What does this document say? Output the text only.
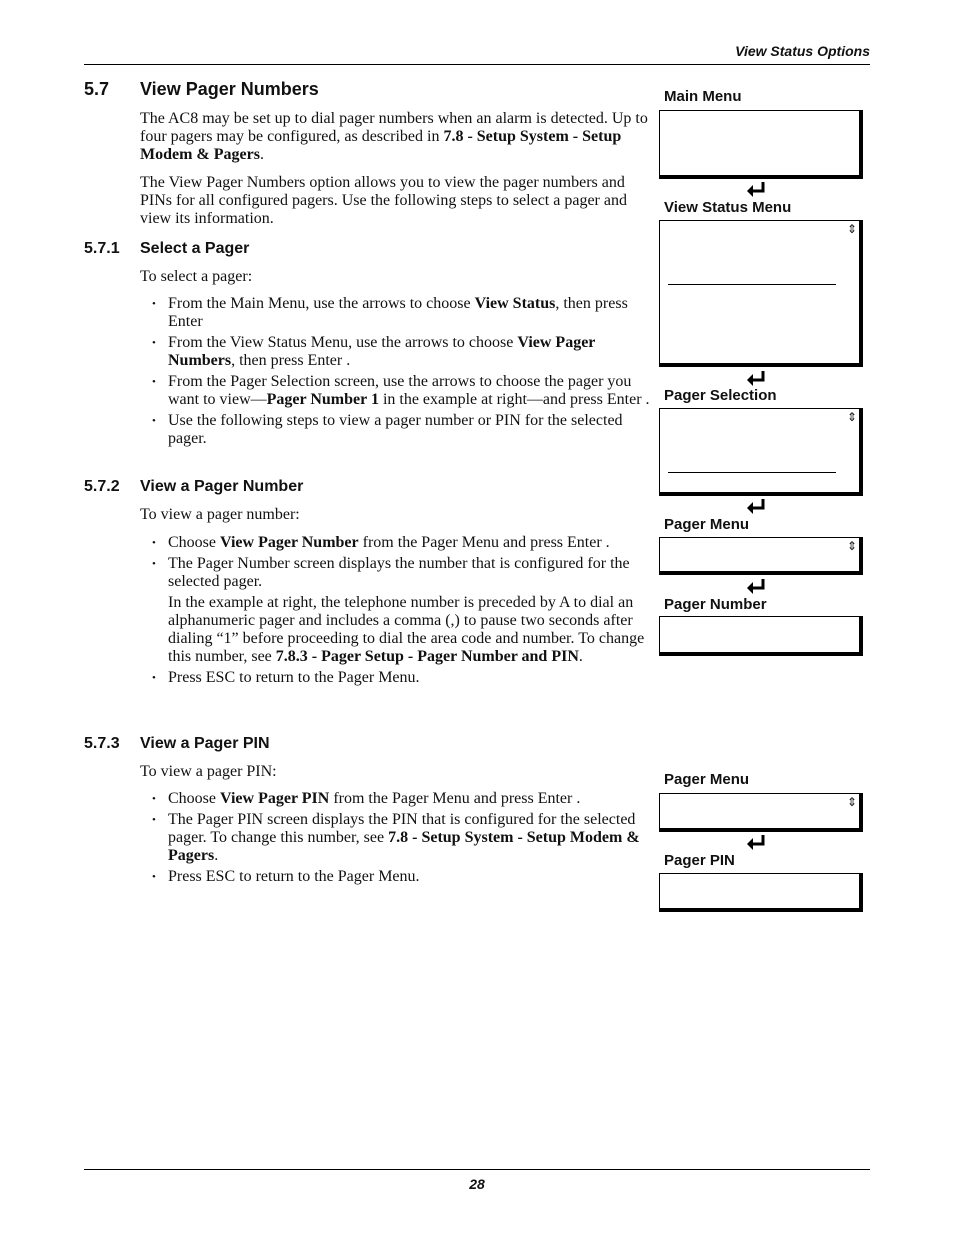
View Status Options
5.7 View Pager Numbers
The AC8 may be set up to dial pager numbers when an alarm is detected. Up to four pagers may be configured, as described in 7.8 - Setup System - Setup Modem & Pagers.
The View Pager Numbers option allows you to view the pager numbers and PINs for all configured pagers. Use the following steps to select a pager and view its information.
5.7.1 Select a Pager
To select a pager:
• From the Main Menu, use the arrows to choose View Status, then press Enter
• From the View Status Menu, use the arrows to choose View Pager Numbers, then press Enter .
• From the Pager Selection screen, use the arrows to choose the pager you want to view—Pager Number 1 in the example at right—and press Enter .
• Use the following steps to view a pager number or PIN for the selected pager.
5.7.2 View a Pager Number
To view a pager number:
• Choose View Pager Number from the Pager Menu and press Enter .
• The Pager Number screen displays the number that is configured for the selected pager.
In the example at right, the telephone number is preceded by A to dial an alphanumeric pager and includes a comma (,) to pause two seconds after dialing “1” before proceeding to dial the area code and number. To change this number, see 7.8.3 - Pager Setup - Pager Number and PIN.
• Press ESC to return to the Pager Menu.
5.7.3 View a Pager PIN
To view a pager PIN:
• Choose View Pager PIN from the Pager Menu and press Enter .
• The Pager PIN screen displays the PIN that is configured for the selected pager. To change this number, see 7.8 - Setup System - Setup Modem & Pagers.
• Press ESC to return to the Pager Menu.
Main Menu
View Status Menu
⇕
Pager Selection
⇕
Pager Menu
⇕
Pager Number
Pager Menu
⇕
Pager PIN
28
